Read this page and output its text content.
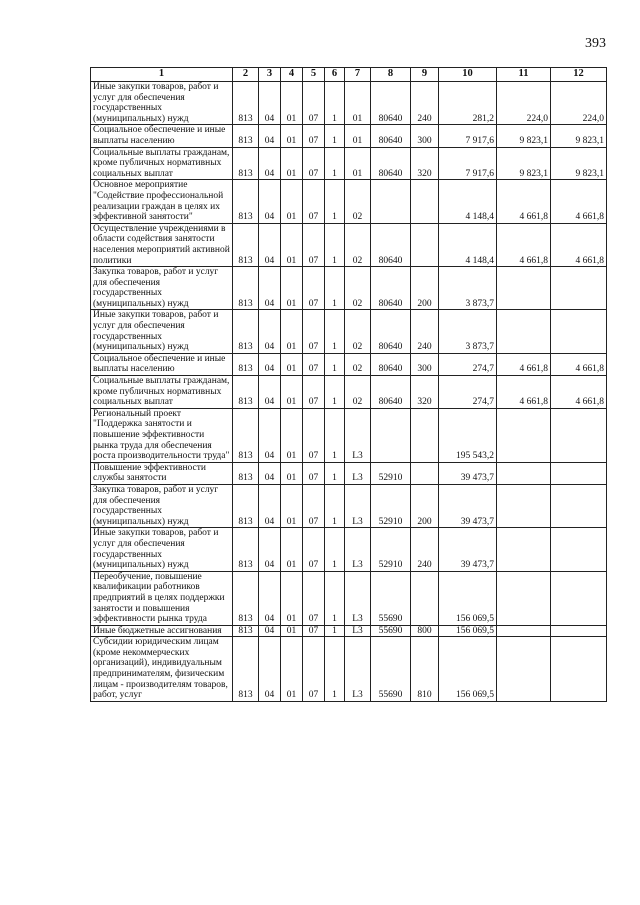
393
1	2	3	4	5	6	7	8	9	10	11	12
Иные закупки товаров, работ и услуг для обеспечения государственных (муниципальных) нужд	813	04	01	07	1	01	80640	240	281,2	224,0	224,0
Социальное обеспечение и иные выплаты населению	813	04	01	07	1	01	80640	300	7 917,6	9 823,1	9 823,1
Социальные выплаты гражданам, кроме публичных нормативных социальных выплат	813	04	01	07	1	01	80640	320	7 917,6	9 823,1	9 823,1
Основное мероприятие "Содействие профессиональной реализации граждан в целях их эффективной занятости"	813	04	01	07	1	02			4 148,4	4 661,8	4 661,8
Осуществление учреждениями в области содействия занятости населения мероприятий активной политики	813	04	01	07	1	02	80640		4 148,4	4 661,8	4 661,8
Закупка товаров, работ и услуг для обеспечения государственных (муниципальных) нужд	813	04	01	07	1	02	80640	200	3 873,7		
Иные закупки товаров, работ и услуг для обеспечения государственных (муниципальных) нужд	813	04	01	07	1	02	80640	240	3 873,7		
Социальное обеспечение и иные выплаты населению	813	04	01	07	1	02	80640	300	274,7	4 661,8	4 661,8
Социальные выплаты гражданам, кроме публичных нормативных социальных выплат	813	04	01	07	1	02	80640	320	274,7	4 661,8	4 661,8
Региональный проект "Поддержка занятости и повышение эффективности рынка труда для обеспечения роста производительности труда"	813	04	01	07	1	L3			195 543,2		
Повышение эффективности службы занятости	813	04	01	07	1	L3	52910		39 473,7		
Закупка товаров, работ и услуг для обеспечения государственных (муниципальных) нужд	813	04	01	07	1	L3	52910	200	39 473,7		
Иные закупки товаров, работ и услуг для обеспечения государственных (муниципальных) нужд	813	04	01	07	1	L3	52910	240	39 473,7		
Переобучение, повышение квалификации работников предприятий в целях поддержки занятости и повышения эффективности рынка труда	813	04	01	07	1	L3	55690		156 069,5		
Иные бюджетные ассигнования	813	04	01	07	1	L3	55690	800	156 069,5		
Субсидии юридическим лицам (кроме некоммерческих организаций), индивидуальным предпринимателям, физическим лицам - производителям товаров, работ, услуг	813	04	01	07	1	L3	55690	810	156 069,5		
